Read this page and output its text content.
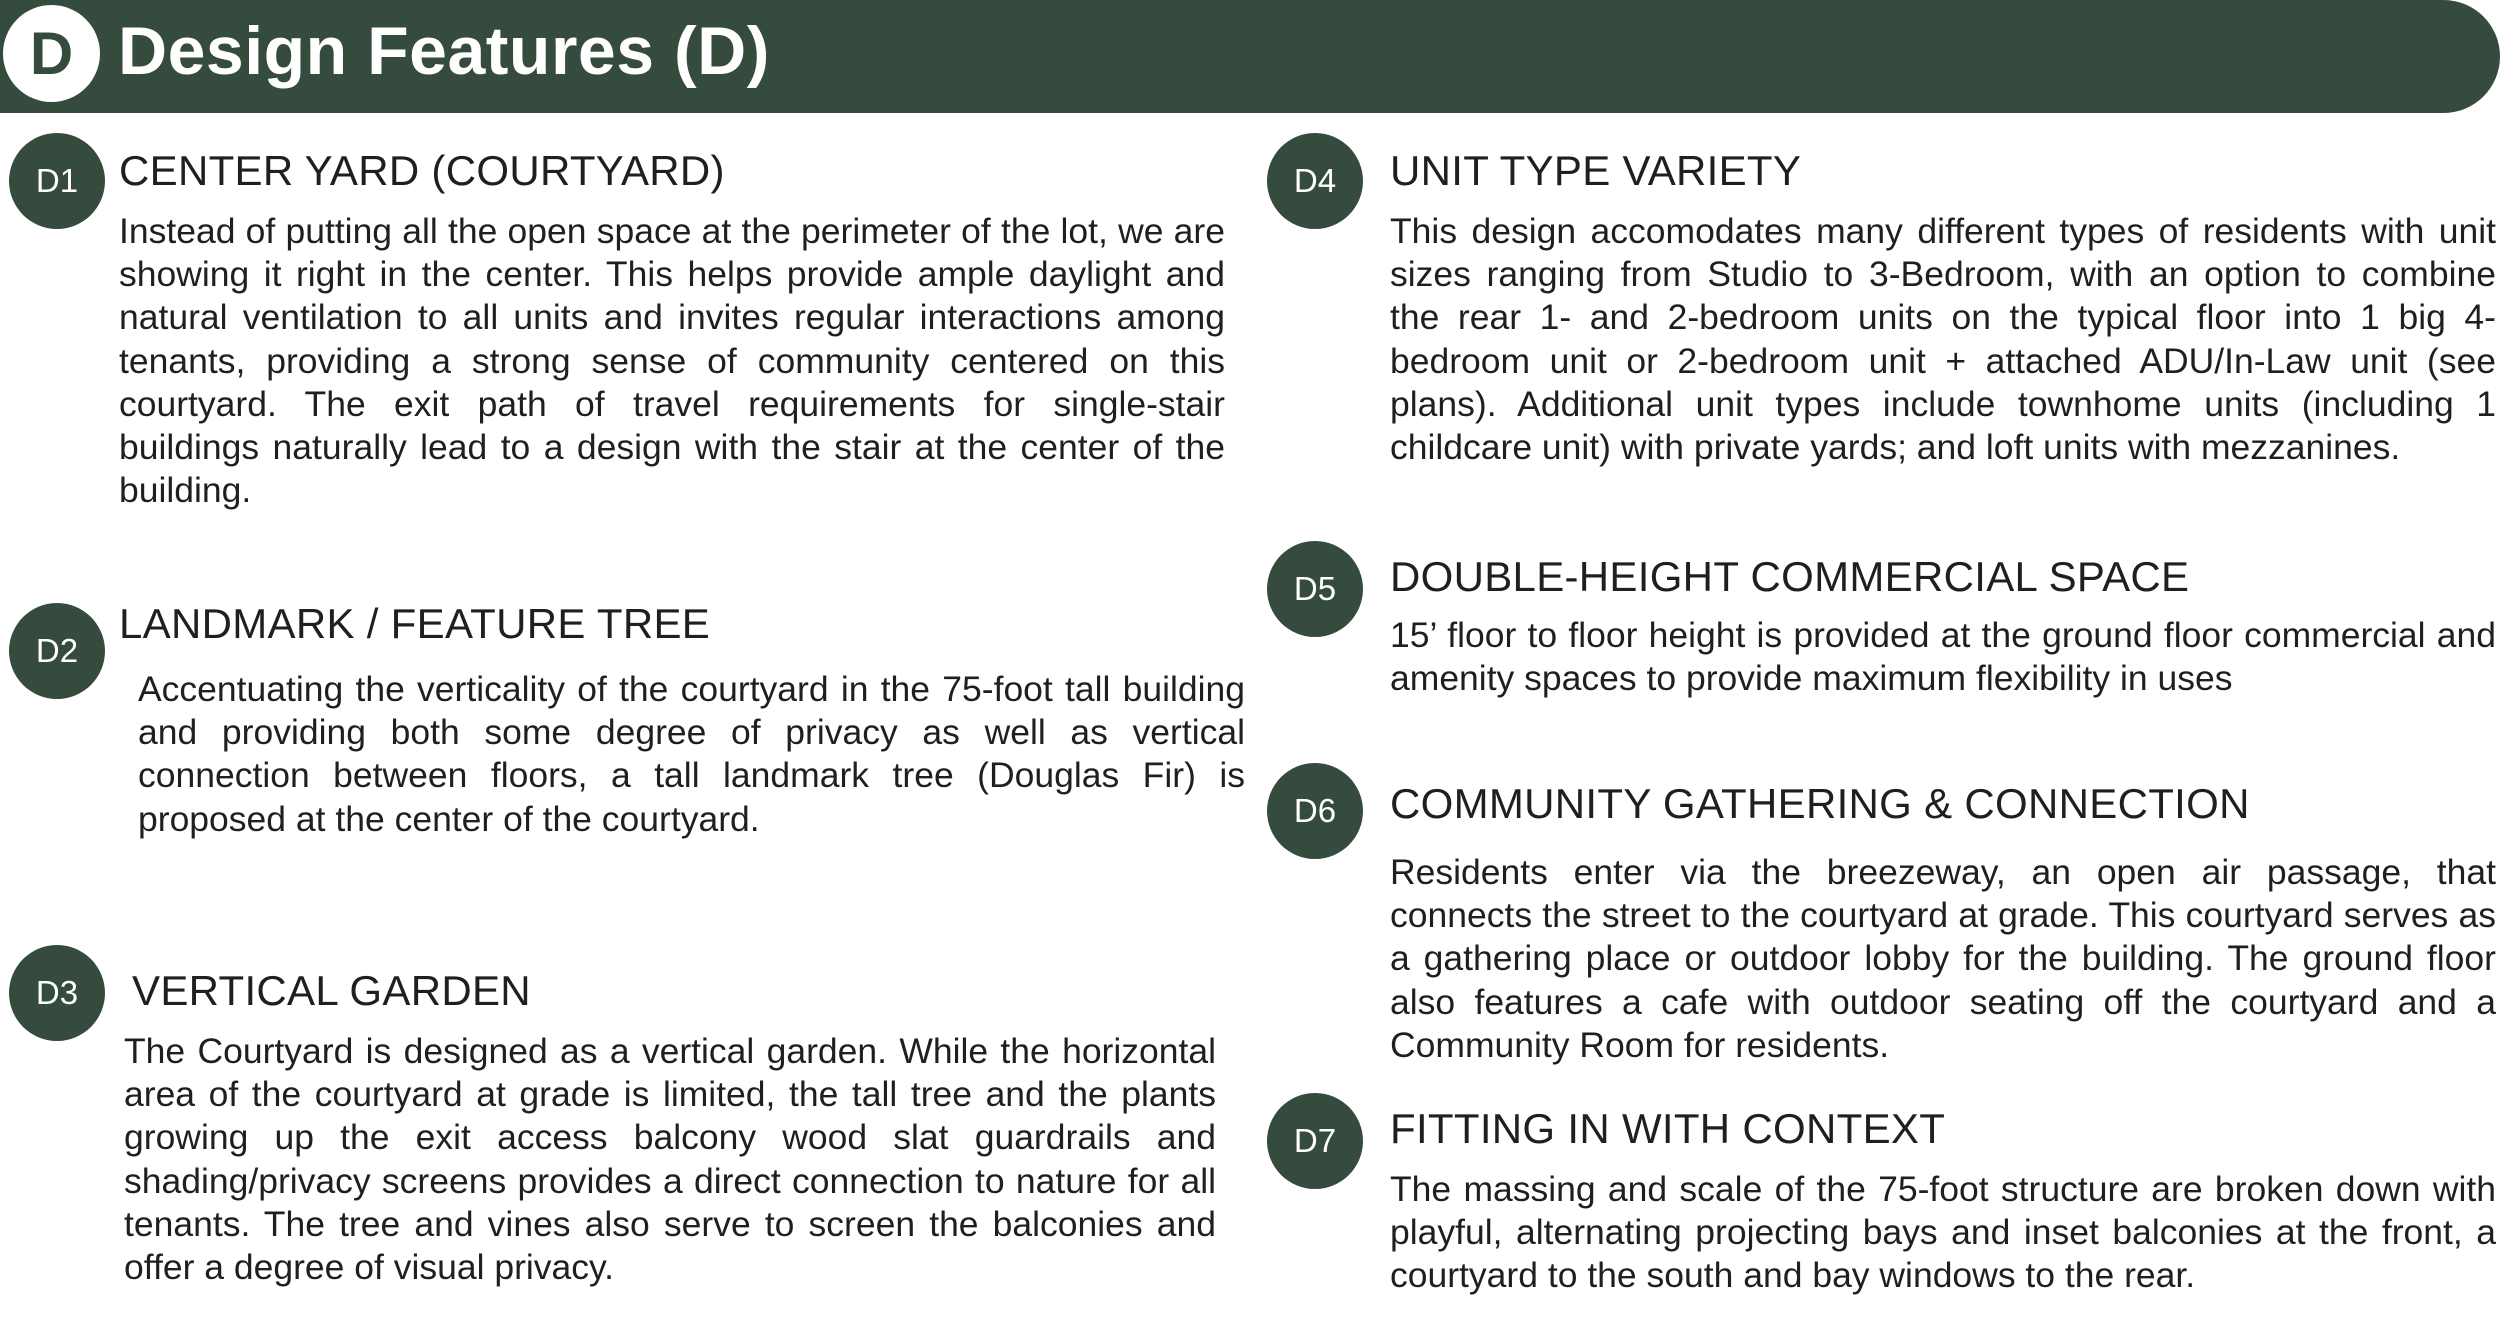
D Design Features (D)
D1 CENTER YARD (COURTYARD)
Instead of putting all the open space at the perimeter of the lot, we are showing it right in the center. This helps provide ample daylight and natural ventilation to all units and invites regular interactions among tenants, providing a strong sense of community centered on this courtyard. The exit path of travel requirements for single-stair buildings naturally lead to a design with the stair at the center of the building.
D2
LANDMARK / FEATURE TREE
Accentuating the verticality of the courtyard in the 75-foot tall building and providing both some degree of privacy as well as vertical connection between floors, a tall landmark tree (Douglas Fir) is proposed at the center of the courtyard.
D3	VERTICAL GARDEN
The Courtyard is designed as a vertical garden. While the horizontal area of the courtyard at grade is limited, the tall tree and the plants growing up the exit access balcony wood slat guardrails and shading/privacy screens provides a direct connection to nature for all tenants. The tree and vines also serve to screen the balconies and offer a degree of visual privacy.
D4	UNIT TYPE VARIETY
This design accomodates many different types of residents with unit sizes ranging from Studio to 3-Bedroom, with an option to combine the rear 1- and 2-bedroom units on the typical floor into 1 big 4-bedroom unit or 2-bedroom unit + attached ADU/In-Law unit (see plans). Additional unit types include townhome units (including 1 childcare unit) with private yards; and loft units with mezzanines.
D5	DOUBLE-HEIGHT COMMERCIAL SPACE
15’ floor to floor height is provided at the ground floor commercial and amenity spaces to provide maximum flexibility in uses
D6	COMMUNITY GATHERING & CONNECTION
Residents enter via the breezeway, an open air passage, that connects the street to the courtyard at grade. This courtyard serves as a gathering place or outdoor lobby for the building. The ground floor also features a cafe with outdoor seating off the courtyard and a Community Room for residents.
D7	FITTING IN WITH CONTEXT
The massing and scale of the 75-foot structure are broken down with playful, alternating projecting bays and inset balconies at the front, a courtyard to the south and bay windows to the rear.
